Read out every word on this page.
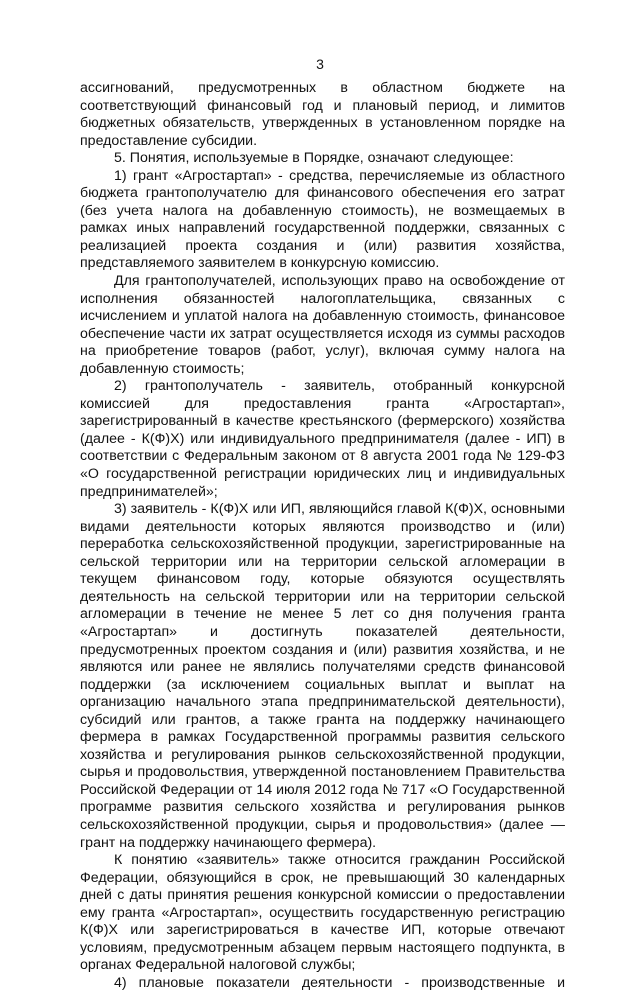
3

ассигнований, предусмотренных в областном бюджете на соответствующий финансовый год и плановый период, и лимитов бюджетных обязательств, утвержденных в установленном порядке на предоставление субсидии.

5. Понятия, используемые в Порядке, означают следующее:

1) грант «Агростартап» - средства, перечисляемые из областного бюджета грантополучателю для финансового обеспечения его затрат (без учета налога на добавленную стоимость), не возмещаемых в рамках иных направлений государственной поддержки, связанных с реализацией проекта создания и (или) развития хозяйства, представляемого заявителем в конкурсную комиссию.

Для грантополучателей, использующих право на освобождение от исполнения обязанностей налогоплательщика, связанных с исчислением и уплатой налога на добавленную стоимость, финансовое обеспечение части их затрат осуществляется исходя из суммы расходов на приобретение товаров (работ, услуг), включая сумму налога на добавленную стоимость;

2) грантополучатель - заявитель, отобранный конкурсной комиссией для предоставления гранта «Агростартап», зарегистрированный в качестве крестьянского (фермерского) хозяйства (далее - К(Ф)Х) или индивидуального предпринимателя (далее - ИП) в соответствии с Федеральным законом от 8 августа 2001 года № 129-ФЗ «О государственной регистрации юридических лиц и индивидуальных предпринимателей»;

3) заявитель - К(Ф)Х или ИП, являющийся главой К(Ф)Х, основными видами деятельности которых являются производство и (или) переработка сельскохозяйственной продукции, зарегистрированные на сельской территории или на территории сельской агломерации в текущем финансовом году, которые обязуются осуществлять деятельность на сельской территории или на территории сельской агломерации в течение не менее 5 лет со дня получения гранта «Агростартап» и достигнуть показателей деятельности, предусмотренных проектом создания и (или) развития хозяйства, и не являются или ранее не являлись получателями средств финансовой поддержки (за исключением социальных выплат и выплат на организацию начального этапа предпринимательской деятельности), субсидий или грантов, а также гранта на поддержку начинающего фермера в рамках Государственной программы развития сельского хозяйства и регулирования рынков сельскохозяйственной продукции, сырья и продовольствия, утвержденной постановлением Правительства Российской Федерации от 14 июля 2012 года № 717 «О Государственной программе развития сельского хозяйства и регулирования рынков сельскохозяйственной продукции, сырья и продовольствия» (далее — грант на поддержку начинающего фермера).

К понятию «заявитель» также относится гражданин Российской Федерации, обязующийся в срок, не превышающий 30 календарных дней с даты принятия решения конкурсной комиссии о предоставлении ему гранта «Агростартап», осуществить государственную регистрацию К(Ф)Х или зарегистрироваться в качестве ИП, которые отвечают условиям, предусмотренным абзацем первым настоящего подпункта, в органах Федеральной налоговой службы;

4) плановые показатели деятельности - производственные и
